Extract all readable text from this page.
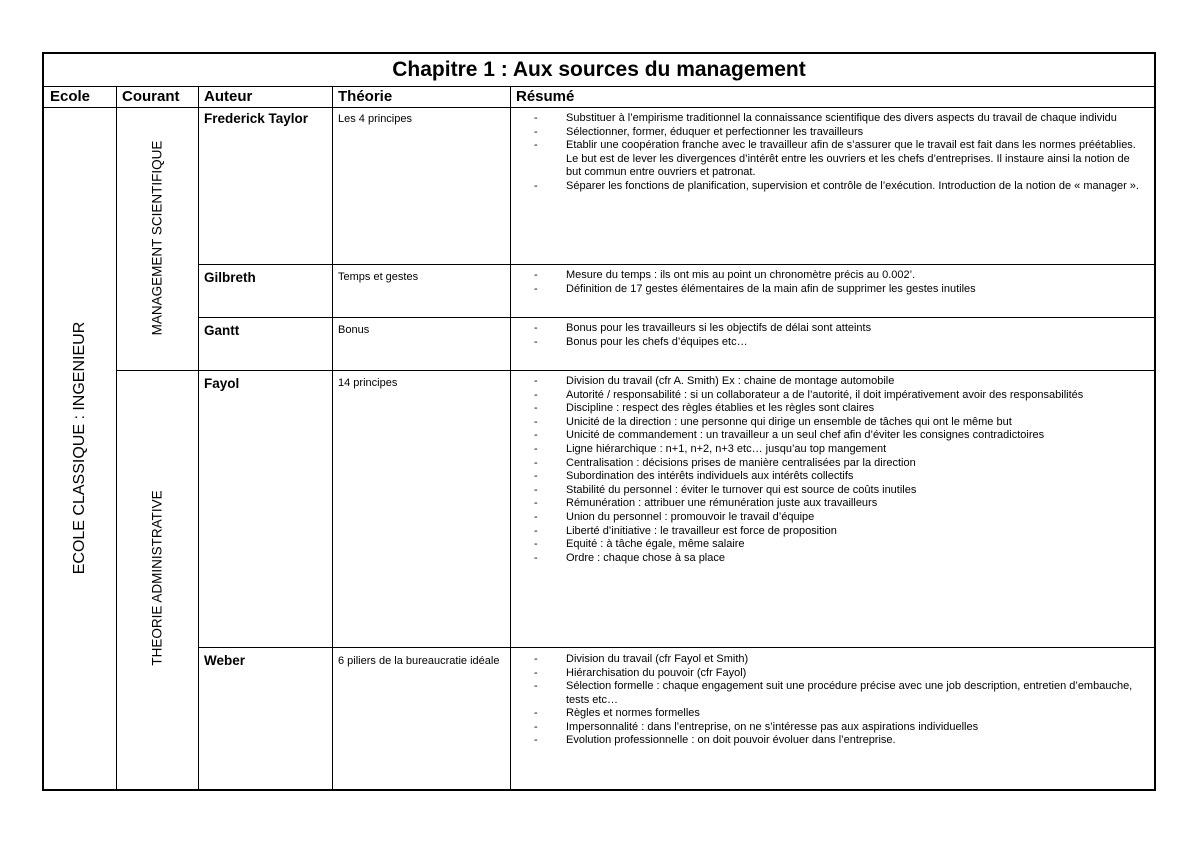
Chapitre 1 : Aux sources du management
Ecole	Courant	Auteur	Théorie	Résumé
ECOLE CLASSIQUE : INGENIEUR
MANAGEMENT SCIENTIFIQUE
THEORIE ADMINISTRATIVE
Frederick Taylor	Les 4 principes	- Substituer à l’empirisme traditionnel la connaissance scientifique des divers aspects du travail de chaque individu
- Sélectionner, former, éduquer et perfectionner les travailleurs
- Etablir une coopération franche avec le travailleur afin de s’assurer que le travail est fait dans les normes préétablies. Le but est de lever les divergences d’intérêt entre les ouvriers et les chefs d’entreprises. Il instaure ainsi la notion de but commun entre ouvriers et patronat.
- Séparer les fonctions de planification, supervision et contrôle de l’exécution. Introduction de la notion de « manager ».
Gilbreth	Temps et gestes	- Mesure du temps : ils ont mis au point un chronomètre précis au 0.002’.
- Définition de 17 gestes élémentaires de la main afin de supprimer les gestes inutiles
Gantt	Bonus	- Bonus pour les travailleurs si les objectifs de délai sont atteints
- Bonus pour les chefs d’équipes etc…
Fayol	14 principes	- Division du travail (cfr A. Smith) Ex : chaine de montage automobile
- Autorité / responsabilité : si un collaborateur a de l’autorité, il doit impérativement avoir des responsabilités
- Discipline : respect des règles établies et les règles sont claires
- Unicité de la direction : une personne qui dirige un ensemble de tâches qui ont le même but
- Unicité de commandement : un travailleur a un seul chef afin d’éviter les consignes contradictoires
- Ligne hiérarchique : n+1, n+2, n+3 etc… jusqu’au top mangement
- Centralisation : décisions prises de manière centralisées par la direction
- Subordination des intérêts individuels aux intérêts collectifs
- Stabilité du personnel : éviter le turnover qui est source de coûts inutiles
- Rémunération : attribuer une rémunération juste aux travailleurs
- Union du personnel : promouvoir le travail d’équipe
- Liberté d’initiative : le travailleur est force de proposition
- Equité : à tâche égale, même salaire
- Ordre : chaque chose à sa place
Weber	6 piliers de la bureaucratie idéale	- Division du travail (cfr Fayol et Smith)
- Hiérarchisation du pouvoir (cfr Fayol)
- Sélection formelle : chaque engagement suit une procédure précise avec une job description, entretien d’embauche, tests etc…
- Règles et normes formelles
- Impersonnalité : dans l’entreprise, on ne s’intéresse pas aux aspirations individuelles
- Evolution professionnelle : on doit pouvoir évoluer dans l’entreprise.
